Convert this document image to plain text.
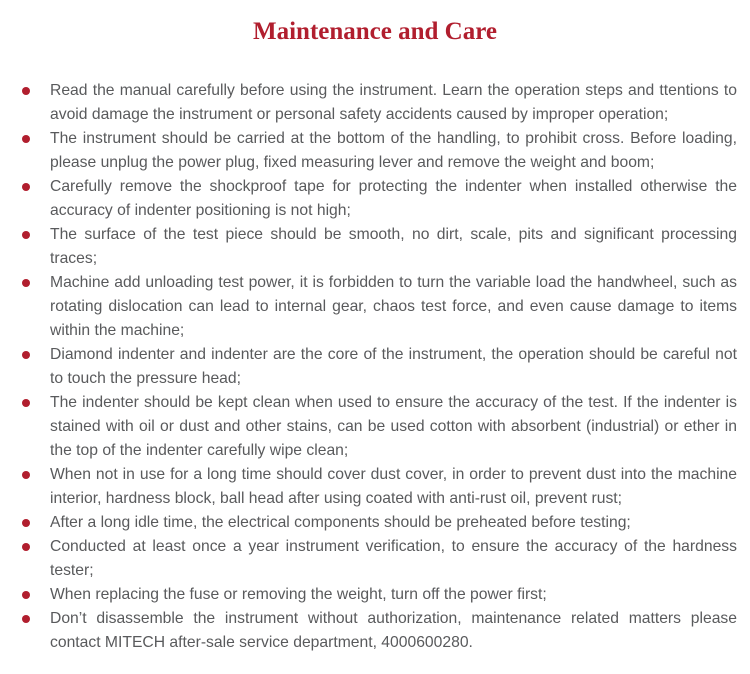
Maintenance and Care
Read the manual carefully before using the instrument. Learn the operation steps and ttentions to avoid damage the instrument or personal safety accidents caused by improper operation;
The instrument should be carried at the bottom of the handling, to prohibit cross. Before loading, please unplug the power plug, fixed measuring lever and remove the weight and boom;
Carefully remove the shockproof tape for protecting the indenter when installed otherwise the accuracy of indenter positioning is not high;
The surface of the test piece should be smooth, no dirt, scale, pits and significant processing traces;
Machine add unloading test power, it is forbidden to turn the variable load the handwheel, such as rotating dislocation can lead to internal gear, chaos test force, and even cause damage to items within the machine;
Diamond indenter and indenter are the core of the instrument, the operation should be careful not to touch the pressure head;
The indenter should be kept clean when used to ensure the accuracy of the test. If the indenter is stained with oil or dust and other stains, can be used cotton with absorbent (industrial) or ether in the top of the indenter carefully wipe clean;
When not in use for a long time should cover dust cover, in order to prevent dust into the machine interior, hardness block, ball head after using coated with anti-rust oil, prevent rust;
After a long idle time, the electrical components should be preheated before testing;
Conducted at least once a year instrument verification, to ensure the accuracy of the hardness tester;
When replacing the fuse or removing the weight, turn off the power first;
Don’t disassemble the instrument without authorization, maintenance related matters please contact MITECH after-sale service department, 4000600280.
